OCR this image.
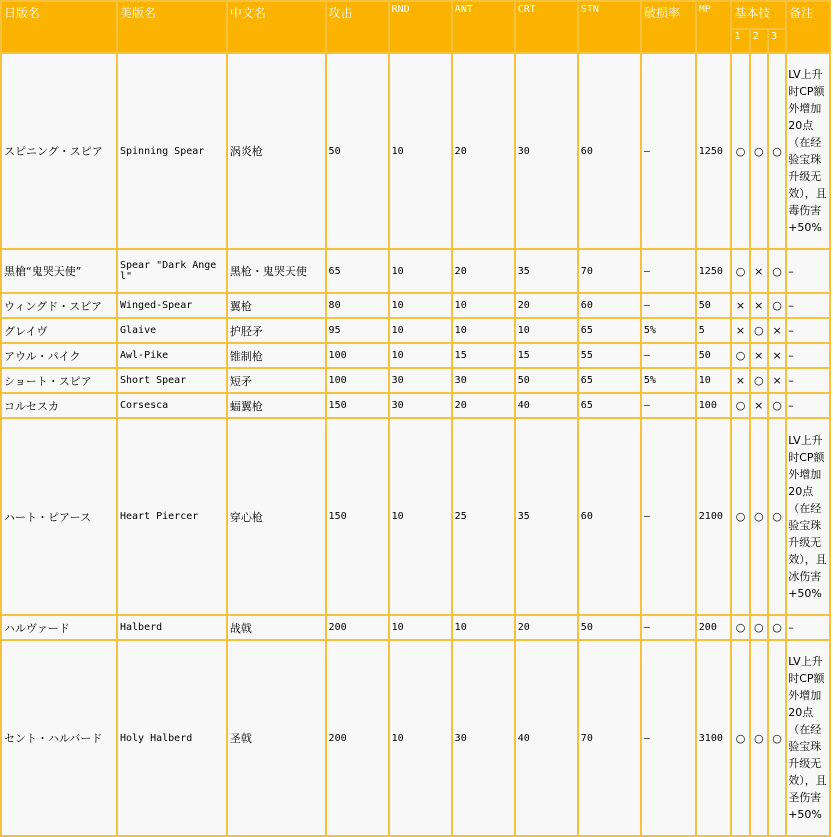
日版名	美版名	中文名	攻击	RND	ANT	CRT	STN	破损率	MP	基本技			备注
										1	2	3	
スピニング・スピア	Spinning Spear	涡炎枪	50	10	20	30	60	–	1250	○	○	○	LV上升时CP额外增加20点（在经验宝珠升级无效），且毒伤害+50%
黒槍“鬼哭天使”	Spear "Dark Angel"	黑枪・鬼哭天使	65	10	20	35	70	–	1250	○	×	○	–
ウィングド・スピア	Winged-Spear	翼枪	80	10	10	20	60	–	50	×	×	○	–
グレイヴ	Glaive	护胫矛	95	10	10	10	65	5%	5	×	○	×	–
アウル・パイク	Awl-Pike	锥制枪	100	10	15	15	55	–	50	○	×	×	–
ショート・スピア	Short Spear	短矛	100	30	30	50	65	5%	10	×	○	×	–
コルセスカ	Corsesca	蝠翼枪	150	30	20	40	65	–	100	○	×	○	–
ハート・ピアース	Heart Piercer	穿心枪	150	10	25	35	60	–	2100	○	○	○	LV上升时CP额外增加20点（在经验宝珠升级无效），且冰伤害+50%
ハルヴァード	Halberd	战戟	200	10	10	20	50	–	200	○	○	○	–
セント・ハルバード	Holy Halberd	圣戟	200	10	30	40	70	–	3100	○	○	○	LV上升时CP额外增加20点（在经验宝珠升级无效），且圣伤害+50%
